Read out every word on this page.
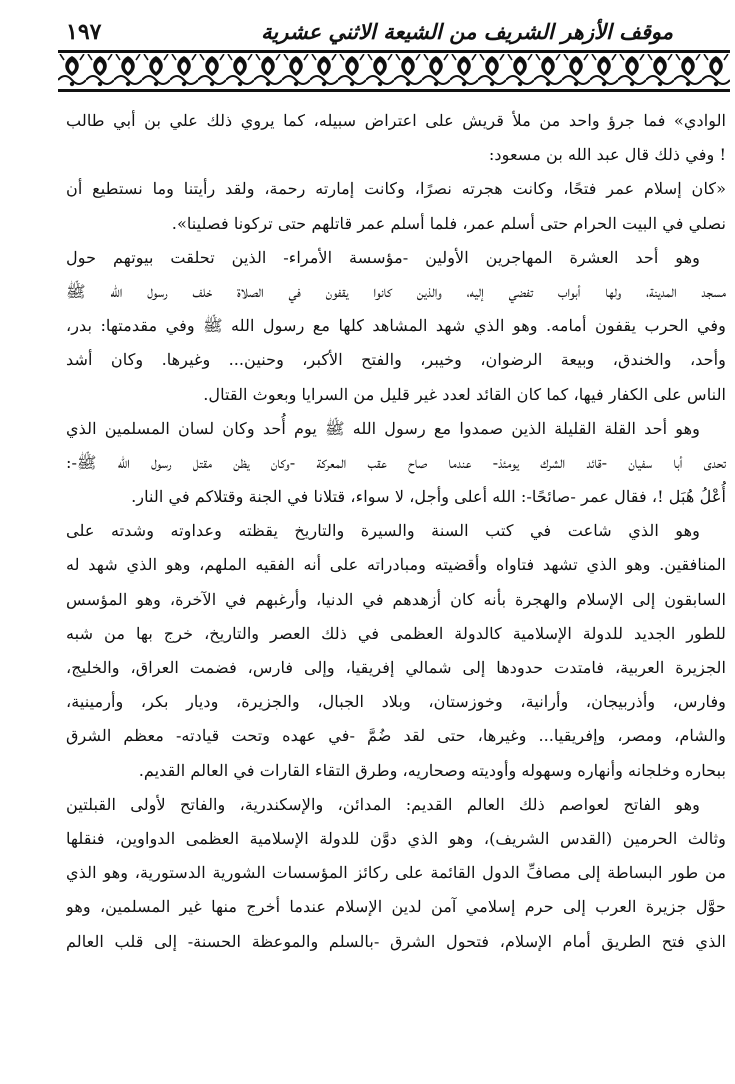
موقف الأزهر الشريف من الشيعة الاثني عشرية
١٩٧
الوادي» فما جرؤ واحد من ملأ قريش على اعتراض سبيله، كما يروي ذلك علي بن أبي طالب
! وفي ذلك قال عبد الله بن مسعود:
«كان إسلام عمر فتحًا، وكانت هجرته نصرًا، وكانت إمارته رحمة، ولقد رأيتنا وما نستطيع أن
نصلي في البيت الحرام حتى أسلم عمر، فلما أسلم عمر قاتلهم حتى تركونا فصلينا».
وهو أحد العشرة المهاجرين الأولين -مؤسسة الأمراء- الذين تحلقت بيوتهم حول
مسجد المدينة، ولها أبواب تفضي إليه، والذين كانوا يقفون في الصلاة خلف رسول الله ﷺ
وفي الحرب يقفون أمامه. وهو الذي شهد المشاهد كلها مع رسول الله ﷺ وفي مقدمتها: بدر،
وأحد، والخندق، وبيعة الرضوان، وخيبر، والفتح الأكبر، وحنين... وغيرها. وكان أشد
الناس على الكفار فيها، كما كان القائد لعدد غير قليل من السرايا وبعوث القتال.
وهو أحد القلة القليلة الذين صمدوا مع رسول الله ﷺ يوم أُحد وكان لسان المسلمين الذي
تحدى أبا سفيان -قائد الشرك يومئذ- عندما صاح عقب المعركة -وكان يظن مقتل رسول الله ﷺ-:
أُعْلُ هُبَل !، فقال عمر -صائحًا-: الله أعلى وأجل، لا سواء، قتلانا في الجنة وقتلاكم في النار.
وهو الذي شاعت في كتب السنة والسيرة والتاريخ يقظته وعداوته وشدته على
المنافقين. وهو الذي تشهد فتاواه وأقضيته ومبادراته على أنه الفقيه الملهم، وهو الذي شهد له
السابقون إلى الإسلام والهجرة بأنه كان أزهدهم في الدنيا، وأرغبهم في الآخرة، وهو المؤسس
للطور الجديد للدولة الإسلامية كالدولة العظمى في ذلك العصر والتاريخ، خرج بها من شبه
الجزيرة العربية، فامتدت حدودها إلى شمالي إفريقيا، وإلى فارس، فضمت العراق، والخليج،
وفارس، وأذربيجان، وأرانية، وخوزستان، وبلاد الجبال، والجزيرة، وديار بكر، وأرمينية،
والشام، ومصر، وإفريقيا... وغيرها، حتى لقد ضُمَّ -في عهده وتحت قيادته- معظم الشرق
ببحاره وخلجانه وأنهاره وسهوله وأوديته وصحاريه، وطرق التقاء القارات في العالم القديم.
وهو الفاتح لعواصم ذلك العالم القديم: المدائن، والإسكندرية، والفاتح لأولى القبلتين
وثالث الحرمين (القدس الشريف)، وهو الذي دوَّن للدولة الإسلامية العظمى الدواوين، فنقلها
من طور البساطة إلى مصافِّ الدول القائمة على ركائز المؤسسات الشورية الدستورية، وهو الذي
حوَّل جزيرة العرب إلى حرم إسلامي آمن لدين الإسلام عندما أخرج منها غير المسلمين، وهو
الذي فتح الطريق أمام الإسلام، فتحول الشرق -بالسلم والموعظة الحسنة- إلى قلب العالم
